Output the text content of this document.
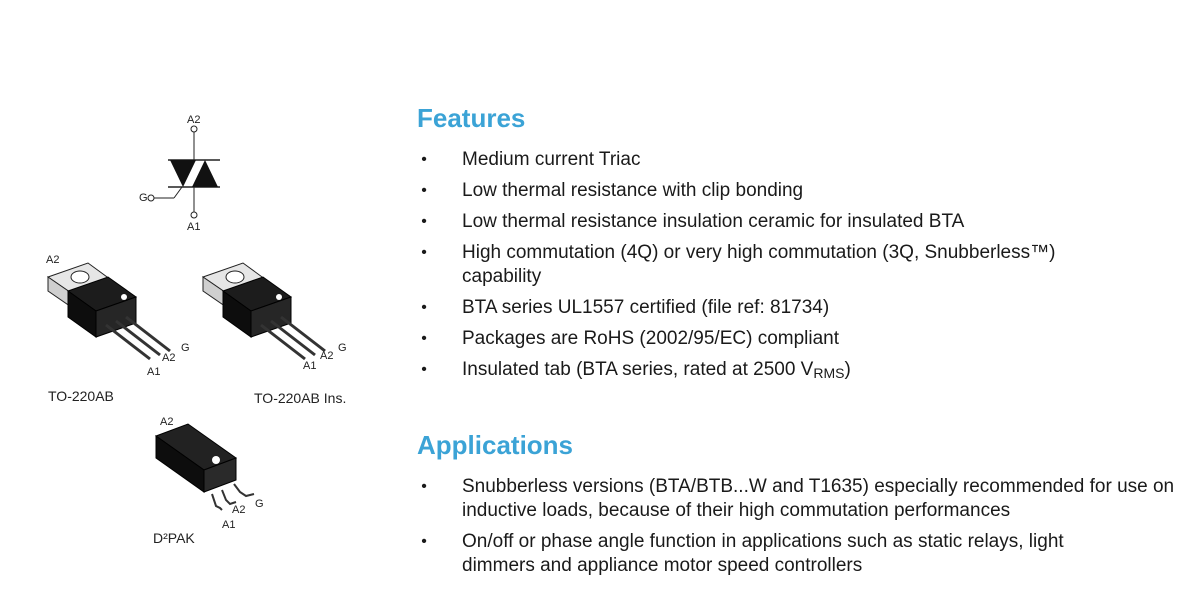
A2
A1
G
A2
A1
A2
G
TO-220AB
A1
A2
G
TO-220AB Ins.
A2
A2 G
A1
D²PAK
Features
• Medium current Triac
• Low thermal resistance with clip bonding
• Low thermal resistance insulation ceramic for insulated BTA
• High commutation (4Q) or very high commutation (3Q, Snubberless™) capability
• BTA series UL1557 certified (file ref: 81734)
• Packages are RoHS (2002/95/EC) compliant
• Insulated tab (BTA series, rated at 2500 $V_{RMS}$)
Applications
• Snubberless versions (BTA/BTB...W and T1635) especially recommended for use on inductive loads, because of their high commutation performances
• On/off or phase angle function in applications such as static relays, light dimmers and appliance motor speed controllers
